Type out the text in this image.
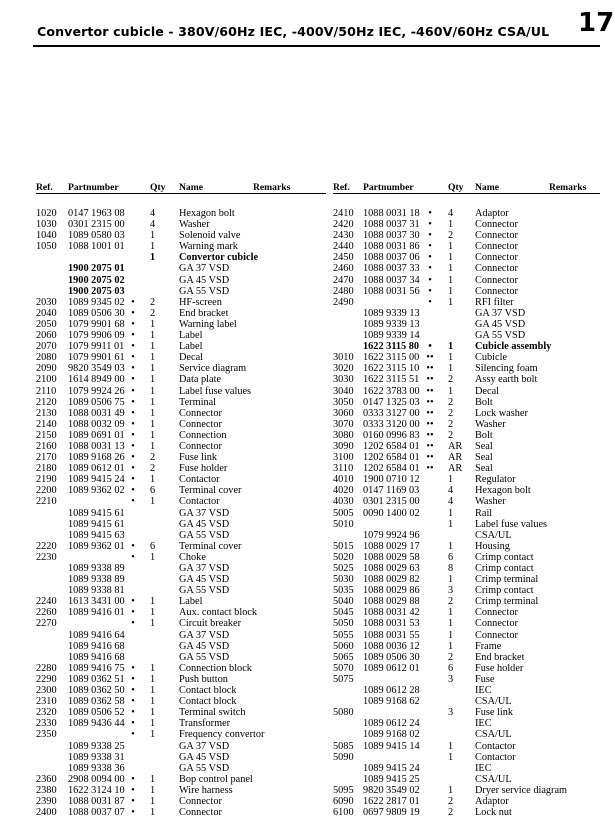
Convertor cubicle - 380V/60Hz IEC, -400V/50Hz IEC, -460V/60Hz CSA/UL 17
Ref. Partnumber	Qty Name	Remarks
1020 0147 1963 08 4	Hexagon bolt
1030 0301 2315 00 4	Washer
1040 1089 0580 03 1	Solenoid valve
1050 1088 1001 01 1	Warning mark
1	Convertor cubicle
1900 2075 01	GA 37 VSD
1900 2075 02	GA 45 VSD
1900 2075 03	GA 55 VSD
2030 1089 9345 02 •	2	HF-screen
2040 1089 0506 30 •	2	End bracket
2050 1079 9901 68 •	1	Warning label
2060 1079 9906 09 •	1	Label
2070 1079 9911 01 •	1	Label
2080 1079 9901 61 •	1	Decal
2090 9820 3549 03 •	1	Service diagram
2100 1614 8949 00 •	1	Data plate
2110 1079 9924 26 •	1	Label fuse values
2120 1089 0506 75 •	1	Terminal
2130 1088 0031 49 •	1	Connector
2140 1088 0032 09 •	1	Connector
2150 1089 0691 01 •	1	Connection
2160 1088 0031 13 •	1	Connector
2170 1089 9168 26 •	2	Fuse link
2180 1089 0612 01 •	2	Fuse holder
2190 1089 9415 24 •	1	Contactor
2200 1089 9362 02 •	6	Terminal cover
2210	•	1	Contactor
1089 9415 61	GA 37 VSD
1089 9415 61	GA 45 VSD
1089 9415 63	GA 55 VSD
2220 1089 9362 01 •	6	Terminal cover
2230	•	1	Choke
1089 9338 89	GA 37 VSD
1089 9338 89	GA 45 VSD
1089 9338 81	GA 55 VSD
2240 1613 3431 00 •	1	Label
2260 1089 9416 01 •	1	Aux. contact block
2270	•	1	Circuit breaker
1089 9416 64	GA 37 VSD
1089 9416 68	GA 45 VSD
1089 9416 68	GA 55 VSD
2280 1089 9416 75 •	1	Connection block
2290 1089 0362 51 •	1	Push button
2300 1089 0362 50 •	1	Contact block
2310 1089 0362 58 •	1	Contact block
2320 1089 0506 52 •	1	Terminal switch
2330 1089 9436 44 •	1	Transformer
2350	•	1	Frequency convertor
1089 9338 25	GA 37 VSD
1089 9338 31	GA 45 VSD
1089 9338 36	GA 55 VSD
2360 2908 0094 00 •	1	Bop control panel
2380 1622 3124 10 •	1	Wire harness
2390 1088 0031 87 •	1	Connector
2400 1088 0037 07 •	1	Connector
Ref. Partnumber	Qty Name	Remarks
2410 1088 0031 18 •	4	Adaptor
2420 1088 0037 31 •	1	Connector
2430 1088 0037 30 •	2	Connector
2440 1088 0031 86 •	1	Connector
2450 1088 0037 06 •	1	Connector
2460 1088 0037 33 •	1	Connector
2470 1088 0037 34 •	1	Connector
2480 1088 0031 56 •	1	Connector
2490	•	1	RFI filter
1089 9339 13	GA 37 VSD
1089 9339 13	GA 45 VSD
1089 9339 14	GA 55 VSD
1622 3115 80 •	1	Cubicle assembly
3010 1622 3115 00 ••	1	Cubicle
3020 1622 3115 10 ••	1	Silencing foam
3030 1622 3115 51 ••	2	Assy earth bolt
3040 1622 3783 00 ••	1	Decal
3050 0147 1325 03 ••	2	Bolt
3060 0333 3127 00 ••	2	Lock washer
3070 0333 3120 00 ••	2	Washer
3080 0160 0996 83 ••	2	Bolt
3090 1202 6584 01 ••	AR Seal
3100 1202 6584 01 ••	AR Seal
3110 1202 6584 01 ••	AR Seal
4010 1900 0710 12	1	Regulator
4020 0147 1169 03	4	Hexagon bolt
4030 0301 2315 00	4	Washer
5005 0090 1400 02	1	Rail
5010	1	Label fuse values
1079 9924 96	CSA/UL
5015 1088 0029 17	1	Housing
5020 1088 0029 58	6	Crimp contact
5025 1088 0029 63	8	Crimp contact
5030 1088 0029 82	1	Crimp terminal
5035 1088 0029 86	3	Crimp contact
5040 1088 0029 88	2	Crimp terminal
5045 1088 0031 42	1	Connector
5050 1088 0031 53	1	Connector
5055 1088 0031 55	1	Connector
5060 1088 0036 12	1	Frame
5065 1089 0506 30	2	End bracket
5070 1089 0612 01	6	Fuse holder
5075	3	Fuse
1089 0612 28	IEC
1089 9168 62	CSA/UL
5080	3	Fuse link
1089 0612 24	IEC
1089 9168 02	CSA/UL
5085 1089 9415 14	1	Contactor
5090	1	Contactor
1089 9415 24	IEC
1089 9415 25	CSA/UL
5095 9820 3549 02	1	Dryer service diagram
6090 1622 2817 01	2	Adaptor
6100 0697 9809 19	2	Lock nut
